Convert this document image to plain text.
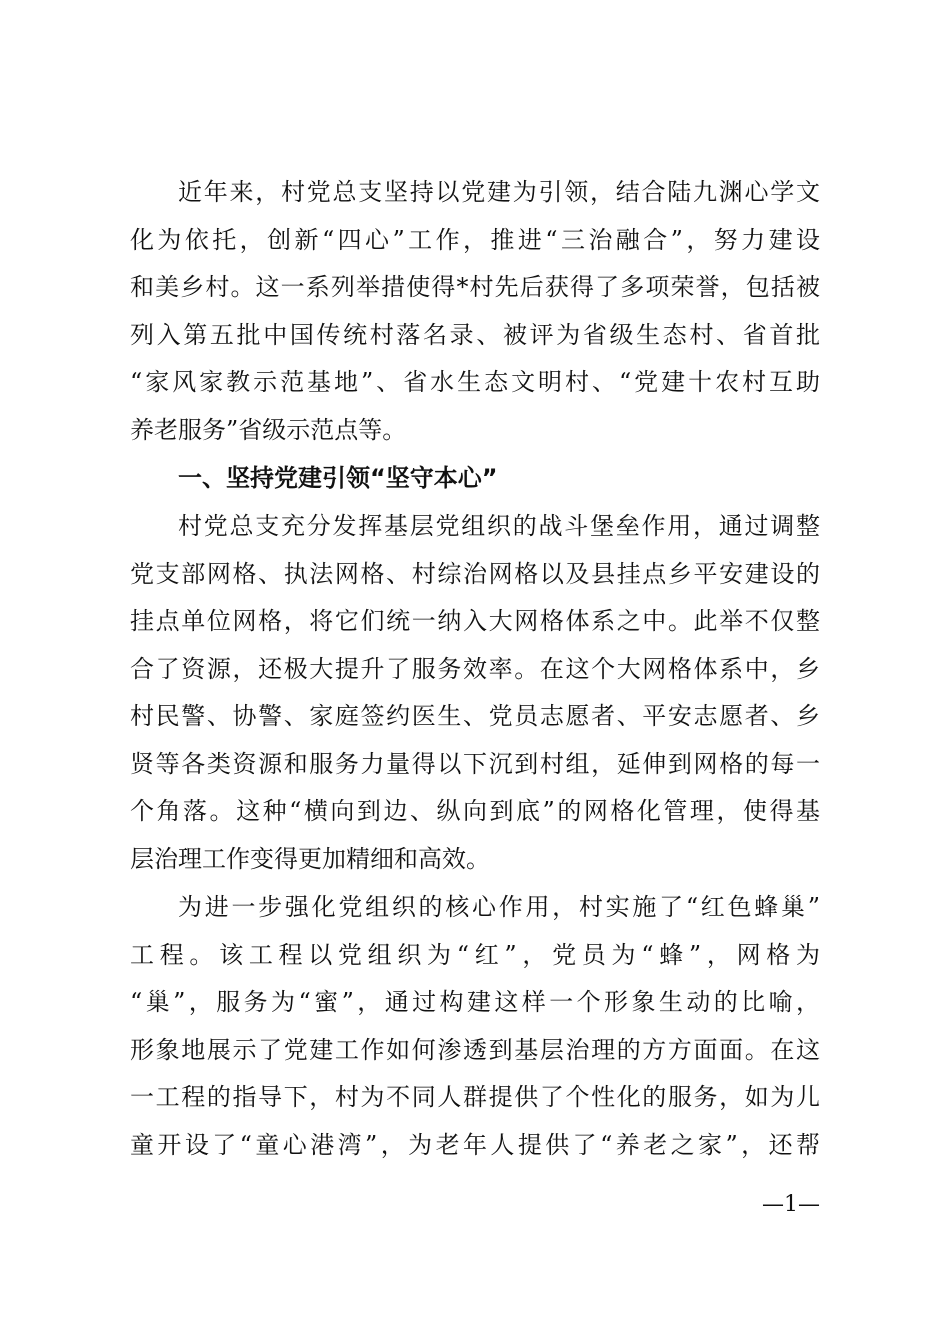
近年来，村党总支坚持以党建为引领，结合陆九渊心学文
化为依托，创新“四心”工作，推进“三治融合”，努力建设
和美乡村。这一系列举措使得*村先后获得了多项荣誉，包括被
列入第五批中国传统村落名录、被评为省级生态村、省首批
“家风家教示范基地”、省水生态文明村、“党建十农村互助
养老服务”省级示范点等。
一、坚持党建引领“坚守本心”
村党总支充分发挥基层党组织的战斗堡垒作用，通过调整
党支部网格、执法网格、村综治网格以及县挂点乡平安建设的
挂点单位网格，将它们统一纳入大网格体系之中。此举不仅整
合了资源，还极大提升了服务效率。在这个大网格体系中，乡
村民警、协警、家庭签约医生、党员志愿者、平安志愿者、乡
贤等各类资源和服务力量得以下沉到村组，延伸到网格的每一
个角落。这种“横向到边、纵向到底”的网格化管理，使得基
层治理工作变得更加精细和高效。
为进一步强化党组织的核心作用，村实施了“红色蜂巢”
工程。该工程以党组织为“红”，党员为“蜂”，网格为
“巢”，服务为“蜜”，通过构建这样一个形象生动的比喻，
形象地展示了党建工作如何渗透到基层治理的方方面面。在这
一工程的指导下，村为不同人群提供了个性化的服务，如为儿
童开设了“童心港湾”，为老年人提供了“养老之家”，还帮
—1—
